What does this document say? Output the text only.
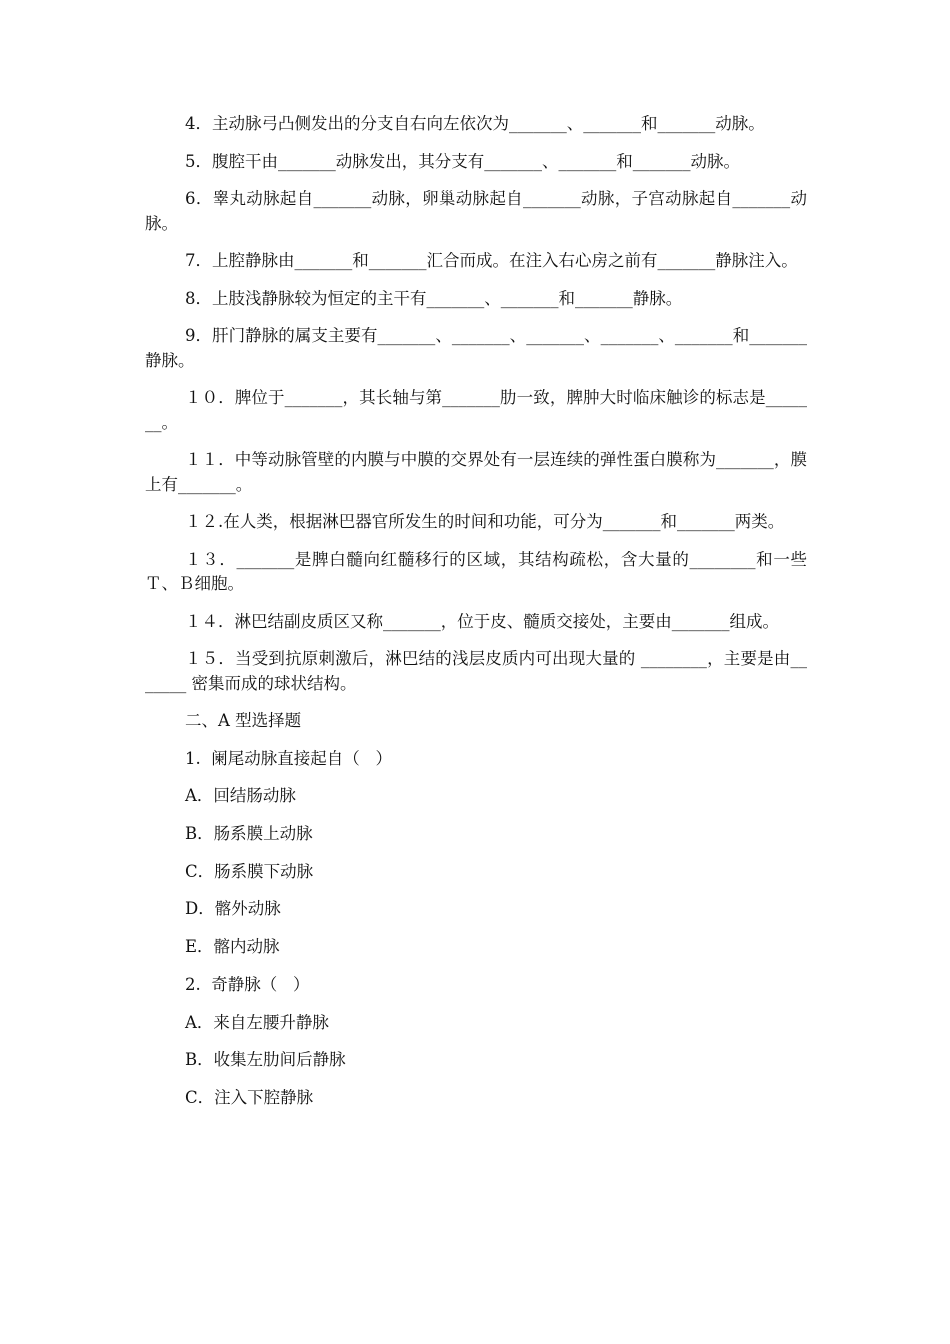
4．主动脉弓凸侧发出的分支自右向左依次为_______、_______和_______动脉。

5．腹腔干由_______动脉发出，其分支有_______、_______和_______动脉。

6．睾丸动脉起自_______动脉，卵巢动脉起自_______动脉，子宫动脉起自_______动脉。

7．上腔静脉由_______和_______汇合而成。在注入右心房之前有_______静脉注入。

8．上肢浅静脉较为恒定的主干有_______、_______和_______静脉。

9．肝门静脉的属支主要有_______、_______、_______、_______、_______和_______静脉。

１０．脾位于_______，其长轴与第_______肋一致，脾肿大时临床触诊的标志是_______。

１１．中等动脉管壁的内膜与中膜的交界处有一层连续的弹性蛋白膜称为_______，膜上有_______。

１２.在人类，根据淋巴器官所发生的时间和功能，可分为_______和_______两类。

１３．_______是脾白髓向红髓移行的区域，其结构疏松，含大量的________和一些Ｔ、Ｂ细胞。

１４．淋巴结副皮质区又称_______，位于皮、髓质交接处，主要由_______组成。

１５．当受到抗原刺激后，淋巴结的浅层皮质内可出现大量的 ________，主要是由_______ 密集而成的球状结构。

二、A 型选择题

1.  阑尾动脉直接起自（   ）

A．回结肠动脉

B．肠系膜上动脉

C．肠系膜下动脉

D．髂外动脉

E．髂内动脉

2.  奇静脉（   ）

A．来自左腰升静脉

B．收集左肋间后静脉

C．注入下腔静脉
